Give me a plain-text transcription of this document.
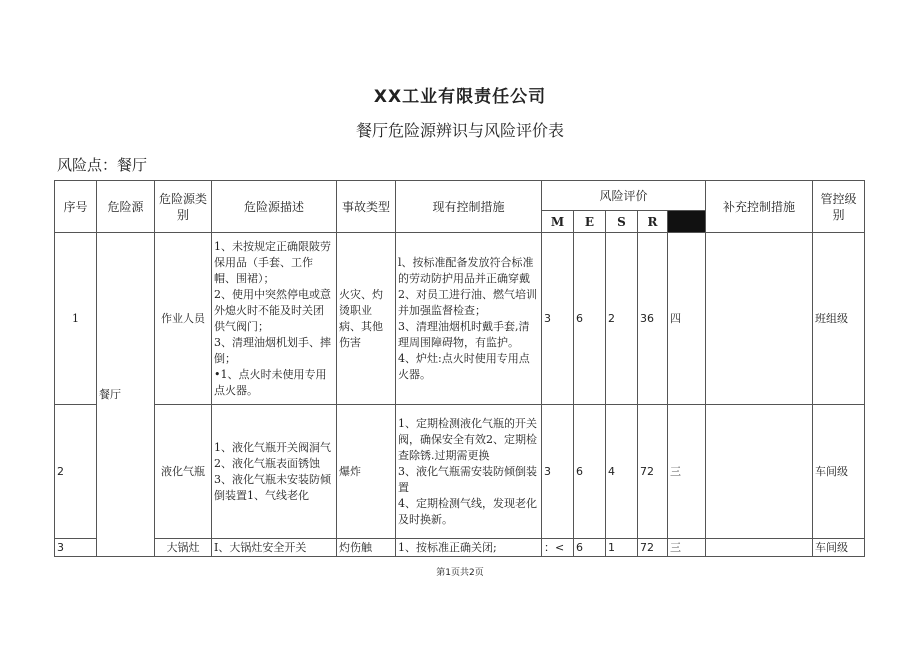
XX工业有限责任公司
餐厅危险源辨识与风险评价表
风险点：餐厅
序号	危险源	危险源类别	危险源描述	事故类型	现有控制措施	风险评价					补充控制措施	管控级别
						M	E	S	R			
1	餐厅	作业人员	1、未按规定正确限陂劳保用品（手套、工作帽、围裙）；
2、使用中突然停电或意外熄火时不能及时关团供气阀门；
3、清理油烟机划手、摔倒；
•1、点火时未使用专用点火器。	火灾、灼烫职业病、其他伤害	l、按标准配备发放符合标准的劳动防护用品并正确穿戴2、对员工进行油、燃气培训并加强监督检查；
3、清理油烟机时戴手套,清理周围障碍物，有监护。
4、炉灶:点火时使用专用点火器。	3	6	2	36	四		班组级
2		液化气瓶	1、液化气瓶开关阀洞气2、液化气瓶表面锈蚀3、液化气瓶未安装防倾倒装置1、气线老化	爆炸	1、定期检测液化气瓶的开关阀，确保安全有效2、定期检查除锈.过期需更换
3、液化气瓶需安装防倾倒装置
4、定期检测气线，发现老化及时换新。	3	6	4	72	三		车间级
3		大锅灶	I、大锅灶安全开关	灼伤触	1、按标准正确关闭;	：<	6	1	72	三		车间级
第1页共2页
